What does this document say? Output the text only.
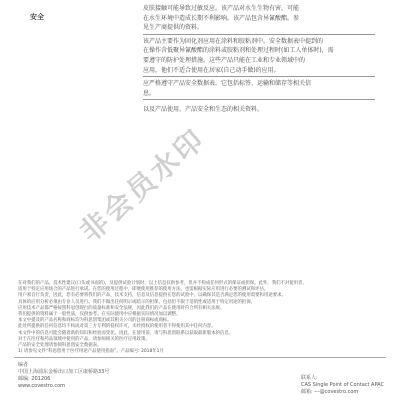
安全

皮肤接触可能导致过敏反应。该产品对水生生物有害，可能

在水生环境中造成长期不利影响。该产品包含异氰酸酯。参

见生产商提供的资料。

该产品主要作为固化剂应用在涂料和胶粘剂中。安全数据表中提到的

在操作含低聚异氰酸酯的涂料或胶粘剂和处理过程时(如工人单体时)，需

要遵守的防护处理措施。这些产品只能在工业和专业领域中的

应用，他们不适合使用在居家(自己动手做)的应用。

应严格遵守产品安全数据表。它包括标签、运输和储存等相关信

息。

以及产品使用、产品安全和生态的相关资料。

非会员水印

在对我们的产品、技术性建议(口头或书面的)，及提供试验计划时，以上信息仅供参考，但并不构成任何形式的保证或担保。此外，我们不对使用者、

适用于特定应用场合的产品进行承诺。在您的使用过程中，即便使用推荐的使用方法，也需根据实际应用进行必要的测试和评估。

用户须自行负责，因此，您有必要将我们的产品，技术支持，信息及信息提供在您的试验中，以确保其是否满足您的使用需要和用途要求。

具体的应用分析必须由专业人员进行。我们不做出任何明示或暗示的担保，包括但不限于适销性或适用于特定用途的担保。

应用技术产品都严格按照科思创现行的质量标准和安全法规，因此我们的产品在使用时符合所有相关法规。

我们提供的资料属于一般性质，仅供参考。在实际使用中应根据实际情况加以调整。

本文中提及的产品名称和商标均为科思创集团或其相关公司的注册商标或商标。

此处所提供的任何信息均不构成对第三方专利的侵权许可。未经授权的使用者不得使用其中任何内容。

本文件中的信息可能会随着新的知识和经验而变化。因此，在使用前，请与科思创联系以获取最新版本的信息。

对于在医疗和药品领域中使用的产品，请参阅相关的医疗应用政策。

产品的安全处理请参阅科思创安全数据表。

1) 请参见文件“科思创用于医疗用途产品使用指南”。产品编号: 2018年1月

编者

中国上海浦东金桥出口加工区康桥路33号

邮编: 201206

www.covestro.com

联系人:

CAS Single Point of Contact APAC

邮箱: ---@covestro.com
